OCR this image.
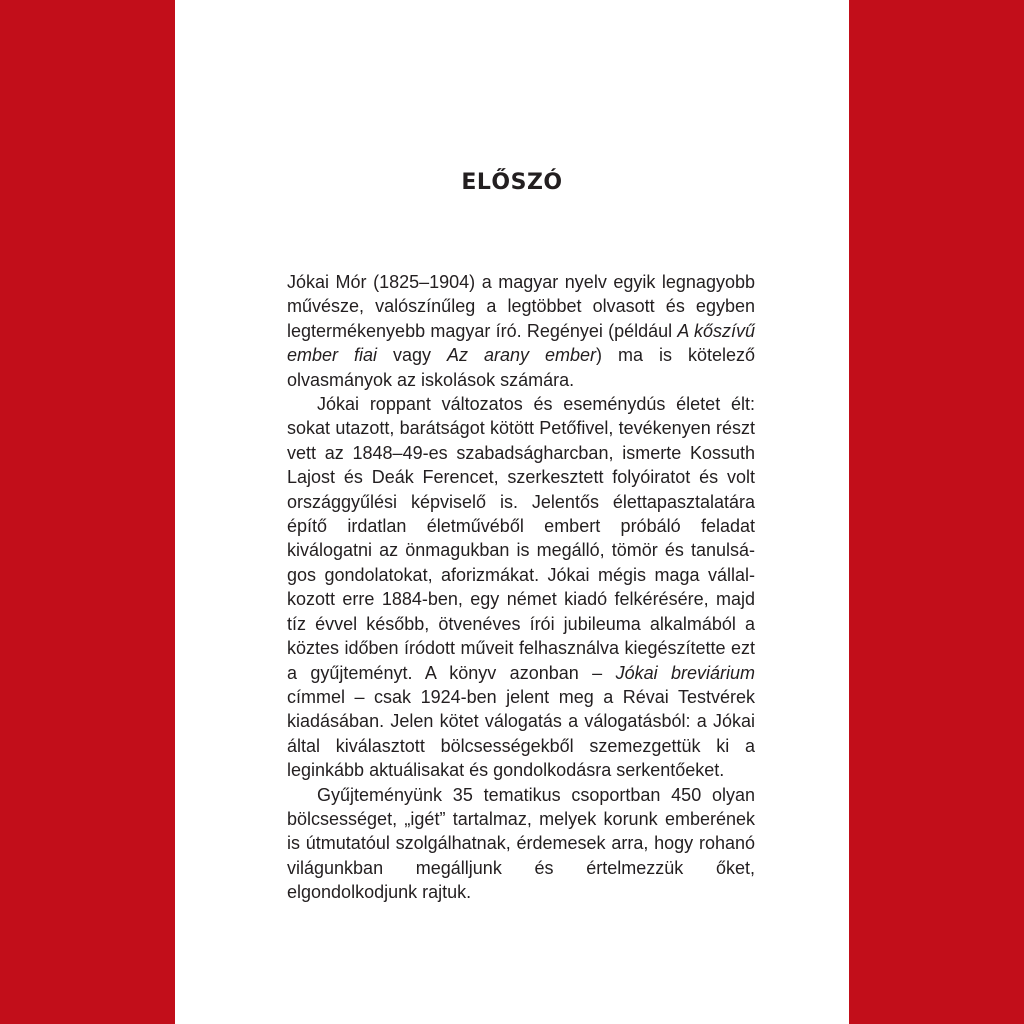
ELŐSZÓ

Jókai Mór (1825–1904) a magyar nyelv egyik legnagyobb művésze, valószínűleg a legtöbbet olvasott és egyben legtermékenyebb magyar író. Regényei (például A kőszívű ember fiai vagy Az arany ember) ma is kötelező olvasmányok az iskolások számára.

Jókai roppant változatos és eseménydús életet élt: sokat utazott, barátságot kötött Petőfivel, tevékenyen részt vett az 1848–49-es szabadságharcban, ismerte Kossuth Lajost és Deák Ferencet, szerkesztett folyóiratot és volt országgyűlési képviselő is. Jelentős élettapasztalatára építő irdatlan életművéből embert próbáló feladat kiválogatni az önmagukban is megálló, tömör és tanulságos gondolatokat, aforizmákat. Jókai mégis maga vállalkozott erre 1884-ben, egy német kiadó felkérésére, majd tíz évvel később, ötvenéves írói jubileuma alkalmából a köztes időben íródott műveit felhasználva kiegészítette ezt a gyűjteményt. A könyv azonban – Jókai breviárium címmel – csak 1924-ben jelent meg a Révai Testvérek kiadásában. Jelen kötet válogatás a válogatásból: a Jókai által kiválasztott bölcsességekből szemezgettük ki a leginkább aktuálisakat és gondolkodásra serkentőeket.

Gyűjteményünk 35 tematikus csoportban 450 olyan bölcsességet, „igét” tartalmaz, melyek korunk emberének is útmutatóul szolgálhatnak, érdemesek arra, hogy rohanó világunkban megálljunk és értelmezzük őket, elgondolkodjunk rajtuk.
